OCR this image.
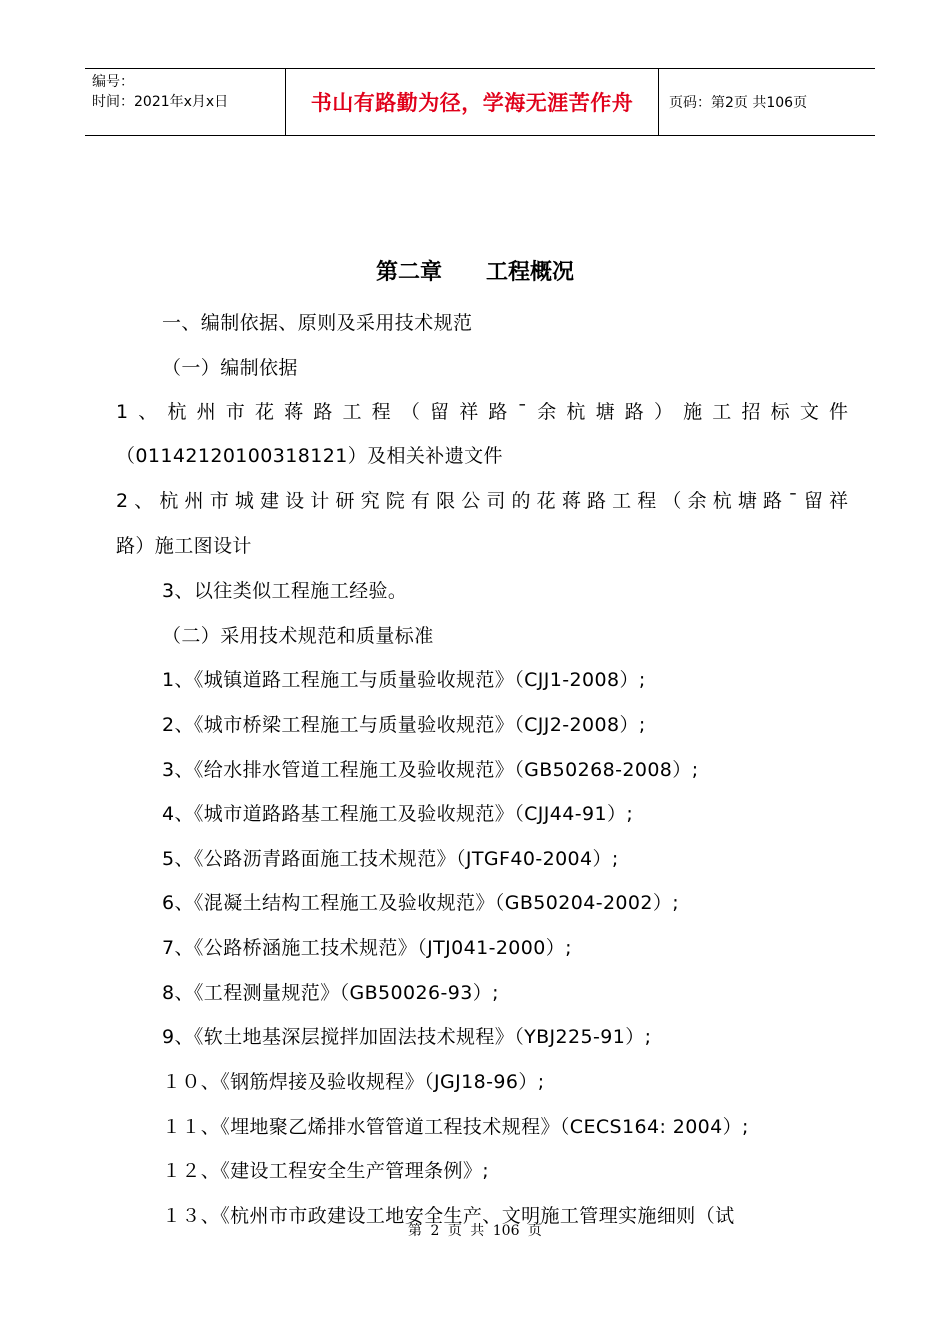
编号：
时间：2021年x月x日	书山有路勤为径，学海无涯苦作舟	页码：第2页 共106页
第二章 工程概况
一、编制依据、原则及采用技术规范
（一）编制依据
1、杭州市花蒋路工程（留祥路¯余杭塘路）施工招标文件
（01142120100318121）及相关补遗文件
2、杭州市城建设计研究院有限公司的花蒋路工程（余杭塘路¯留祥
路）施工图设计
3、以往类似工程施工经验。
（二）采用技术规范和质量标准
1、《城镇道路工程施工与质量验收规范》（CJJ1-2008）;
2、《城市桥梁工程施工与质量验收规范》（CJJ2-2008）;
3、《给水排水管道工程施工及验收规范》（GB50268-2008）;
4、《城市道路路基工程施工及验收规范》（CJJ44-91）;
5、《公路沥青路面施工技术规范》（JTGF40-2004）;
6、《混凝土结构工程施工及验收规范》（GB50204-2002）;
7、《公路桥涵施工技术规范》（JTJ041-2000）;
8、《工程测量规范》（GB50026-93）;
9、《软土地基深层搅拌加固法技术规程》（YBJ225-91）;
１０、《钢筋焊接及验收规程》（JGJ18-96）;
１１、《埋地聚乙烯排水管管道工程技术规程》（CECS164: 2004）;
１２、《建设工程安全生产管理条例》;
１３、《杭州市市政建设工地安全生产、文明施工管理实施细则（试
第 2 页 共 106 页
